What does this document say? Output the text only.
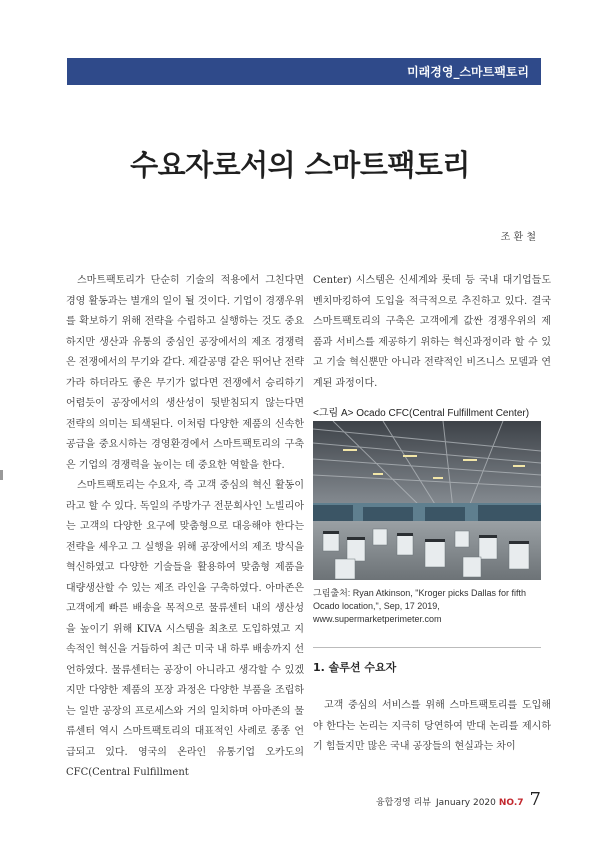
미래경영_스마트팩토리
수요자로서의 스마트팩토리
조 환 철

스마트팩토리가 단순히 기술의 적용에서 그친다면 경영 활동과는 별개의 일이 될 것이다. 기업이 경쟁우위를 확보하기 위해 전략을 수립하고 실행하는 것도 중요하지만 생산과 유통의 중심인 공장에서의 제조 경쟁력은 전쟁에서의 무기와 같다. 제갈공명 같은 뛰어난 전략가라 하더라도 좋은 무기가 없다면 전쟁에서 승리하기 어렵듯이 공장에서의 생산성이 뒷받침되지 않는다면 전략의 의미는 퇴색된다. 이처럼 다양한 제품의 신속한 공급을 중요시하는 경영환경에서 스마트팩토리의 구축은 기업의 경쟁력을 높이는 데 중요한 역할을 한다.

스마트팩토리는 수요자, 즉 고객 중심의 혁신 활동이라고 할 수 있다. 독일의 주방가구 전문회사인 노빌리아는 고객의 다양한 요구에 맞춤형으로 대응해야 한다는 전략을 세우고 그 실행을 위해 공장에서의 제조 방식을 혁신하였고 다양한 기술들을 활용하여 맞춤형 제품을 대량생산할 수 있는 제조 라인을 구축하였다. 아마존은 고객에게 빠른 배송을 목적으로 물류센터 내의 생산성을 높이기 위해 KIVA 시스템을 최초로 도입하였고 지속적인 혁신을 거듭하여 최근 미국 내 하루 배송까지 선언하였다. 물류센터는 공장이 아니라고 생각할 수 있겠지만 다양한 제품의 포장 과정은 다양한 부품을 조립하는 일반 공장의 프로세스와 거의 일치하며 아마존의 물류센터 역시 스마트팩토리의 대표적인 사례로 종종 언급되고 있다. 영국의 온라인 유통기업 오카도의 CFC(Central Fulfillment

Center) 시스템은 신세계와 롯데 등 국내 대기업들도 벤치마킹하여 도입을 적극적으로 추진하고 있다. 결국 스마트팩토리의 구축은 고객에게 값싼 경쟁우위의 제품과 서비스를 제공하기 위하는 혁신과정이라 할 수 있고 기술 혁신뿐만 아니라 전략적인 비즈니스 모델과 연계된 과정이다.

<그림 A> Ocado CFC(Central Fulfillment Center)
그림출처: Ryan Atkinson, "Kroger picks Dallas for fifth Ocado location,", Sep, 17 2019, www.supermarketperimeter.com
1. 솔루션 수요자

고객 중심의 서비스를 위해 스마트팩토리를 도입해야 한다는 논리는 지극히 당연하여 반대 논리를 제시하기 힘들지만 많은 국내 공장들의 현실과는 차이

융합경영 리뷰 January 2020 NO.7 7
